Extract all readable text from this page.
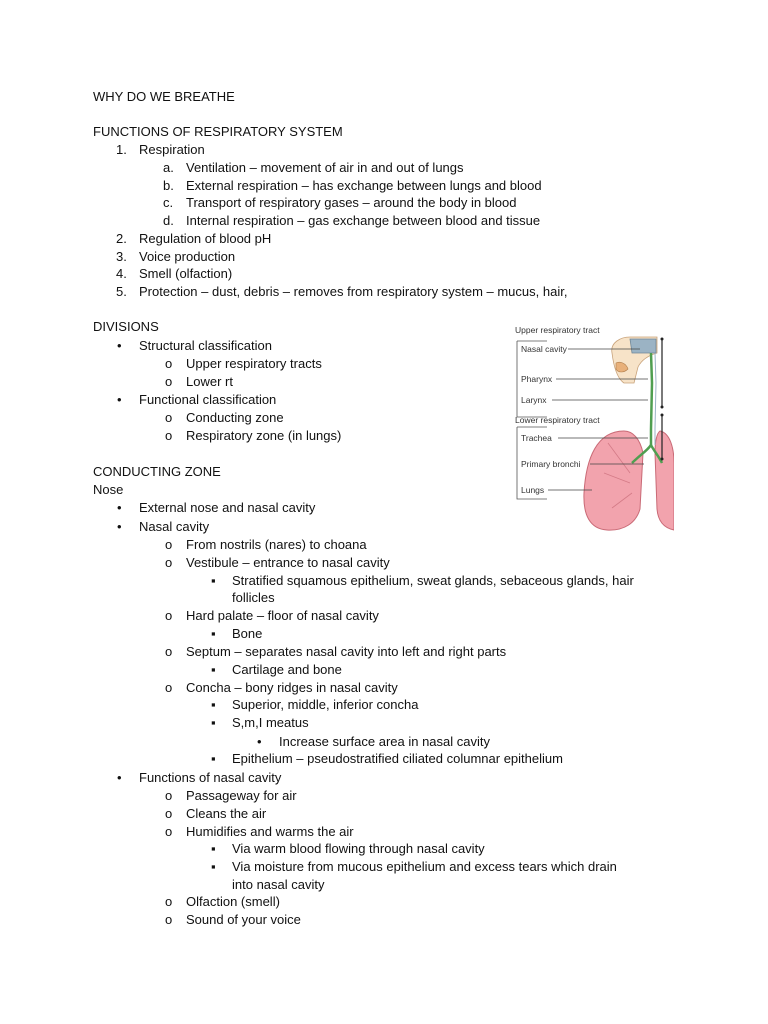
WHY DO WE BREATHE
FUNCTIONS OF RESPIRATORY SYSTEM
1. Respiration
a. Ventilation – movement of air in and out of lungs
b. External respiration – has exchange between lungs and blood
c. Transport of respiratory gases – around the body in blood
d. Internal respiration – gas exchange between blood and tissue
2. Regulation of blood pH
3. Voice production
4. Smell (olfaction)
5. Protection – dust, debris – removes from respiratory system – mucus, hair,
DIVISIONS
• Structural classification
o Upper respiratory tracts
o Lower rt
• Functional classification
o Conducting zone
o Respiratory zone (in lungs)
Upper respiratory tract
Nasal cavity
Pharynx
Larynx
Lower respiratory tract
Trachea
Primary bronchi
Lungs
CONDUCTING ZONE
Nose
• External nose and nasal cavity
• Nasal cavity
o From nostrils (nares) to choana
o Vestibule – entrance to nasal cavity
▪ Stratified squamous epithelium, sweat glands, sebaceous glands, hair
follicles
o Hard palate – floor of nasal cavity
▪ Bone
o Septum – separates nasal cavity into left and right parts
▪ Cartilage and bone
o Concha – bony ridges in nasal cavity
▪ Superior, middle, inferior concha
▪ S,m,I meatus
• Increase surface area in nasal cavity
▪ Epithelium – pseudostratified ciliated columnar epithelium
• Functions of nasal cavity
o Passageway for air
o Cleans the air
o Humidifies and warms the air
▪ Via warm blood flowing through nasal cavity
▪ Via moisture from mucous epithelium and excess tears which drain
into nasal cavity
o Olfaction (smell)
o Sound of your voice
